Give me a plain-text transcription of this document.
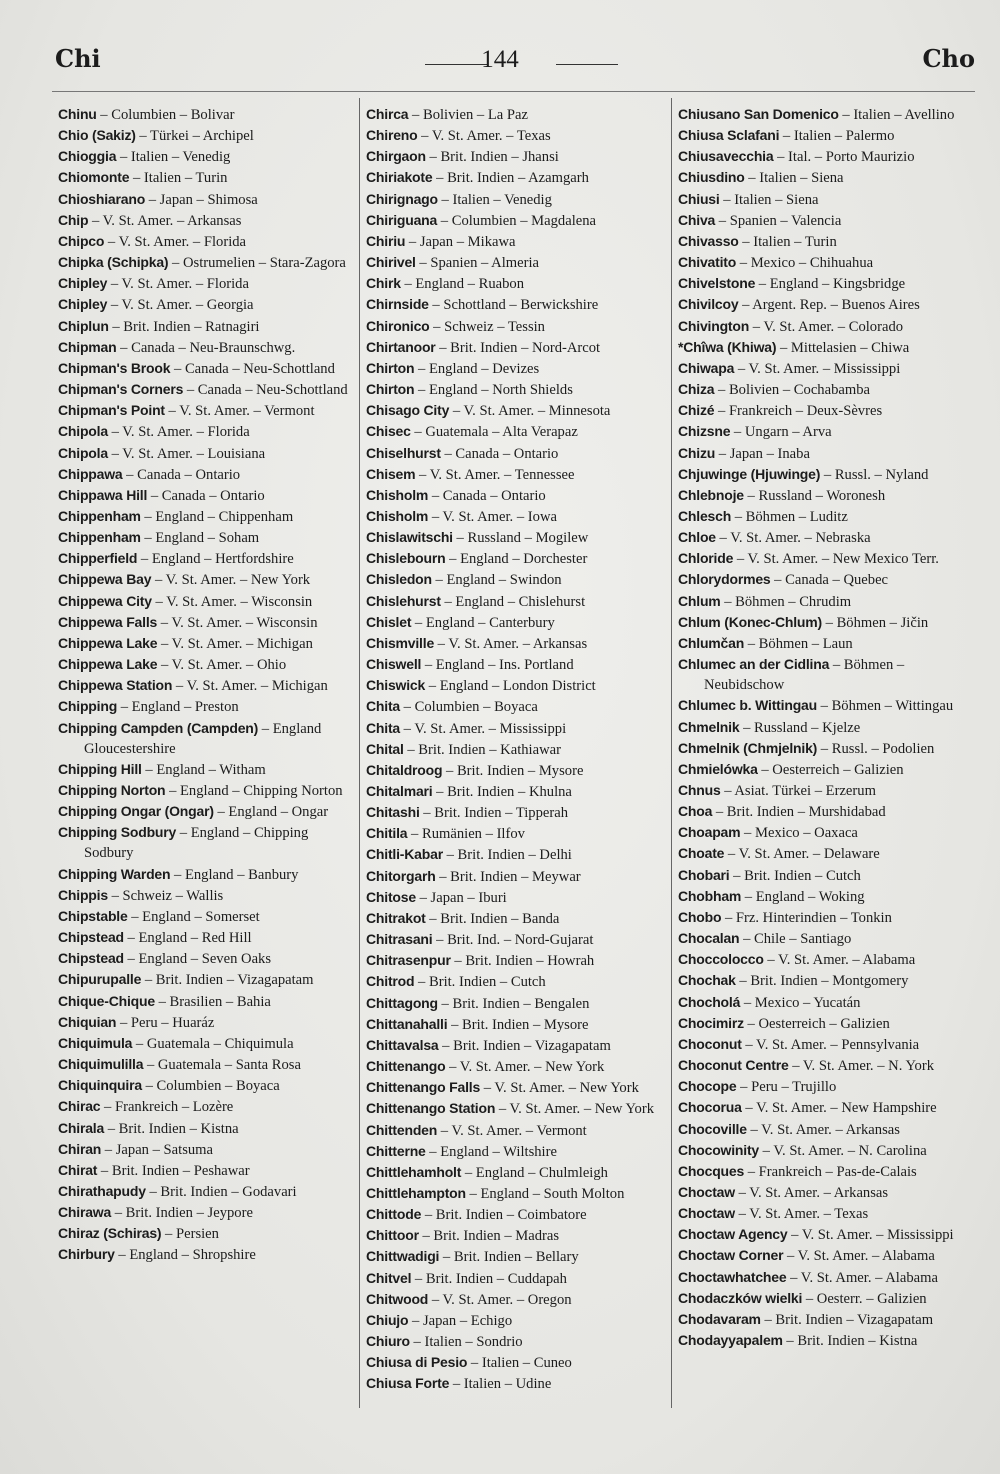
Chi	144	Cho
Chinu – Columbien – Bolivar
Chio (Sakiz) – Türkei – Archipel
Chioggia – Italien – Venedig
Chiomonte – Italien – Turin
Chioshiarano – Japan – Shimosa
Chip – V. St. Amer. – Arkansas
Chipco – V. St. Amer. – Florida
Chipka (Schipka) – Ostrumelien – Stara-Zagora
Chipley – V. St. Amer. – Florida
Chipley – V. St. Amer. – Georgia
Chiplun – Brit. Indien – Ratnagiri
Chipman – Canada – Neu-Braunschwg.
Chipman's Brook – Canada – Neu-Schottland
Chipman's Corners – Canada – Neu-Schottland
Chipman's Point – V. St. Amer. – Vermont
Chipola – V. St. Amer. – Florida
Chipola – V. St. Amer. – Louisiana
Chippawa – Canada – Ontario
Chippawa Hill – Canada – Ontario
Chippenham – England – Chippenham
Chippenham – England – Soham
Chipperfield – England – Hertfordshire
Chippewa Bay – V. St. Amer. – New York
Chippewa City – V. St. Amer. – Wisconsin
Chippewa Falls – V. St. Amer. – Wisconsin
Chippewa Lake – V. St. Amer. – Michigan
Chippewa Lake – V. St. Amer. – Ohio
Chippewa Station – V. St. Amer. – Michigan
Chipping – England – Preston
Chipping Campden (Campden) – England Gloucestershire
Chipping Hill – England – Witham
Chipping Norton – England – Chipping Norton
Chipping Ongar (Ongar) – England – Ongar
Chipping Sodbury – England – Chipping Sodbury
Chipping Warden – England – Banbury
Chippis – Schweiz – Wallis
Chipstable – England – Somerset
Chipstead – England – Red Hill
Chipstead – England – Seven Oaks
Chipurupalle – Brit. Indien – Vizagapatam
Chique-Chique – Brasilien – Bahia
Chiquian – Peru – Huaráz
Chiquimula – Guatemala – Chiquimula
Chiquimulilla – Guatemala – Santa Rosa
Chiquinquira – Columbien – Boyaca
Chirac – Frankreich – Lozère
Chirala – Brit. Indien – Kistna
Chiran – Japan – Satsuma
Chirat – Brit. Indien – Peshawar
Chirathapudy – Brit. Indien – Godavari
Chirawa – Brit. Indien – Jeypore
Chiraz (Schiras) – Persien
Chirbury – England – Shropshire
Chirca – Bolivien – La Paz
Chireno – V. St. Amer. – Texas
Chirgaon – Brit. Indien – Jhansi
Chiriakote – Brit. Indien – Azamgarh
Chirignago – Italien – Venedig
Chiriguana – Columbien – Magdalena
Chiriu – Japan – Mikawa
Chirivel – Spanien – Almeria
Chirk – England – Ruabon
Chirnside – Schottland – Berwickshire
Chironico – Schweiz – Tessin
Chirtanoor – Brit. Indien – Nord-Arcot
Chirton – England – Devizes
Chirton – England – North Shields
Chisago City – V. St. Amer. – Minnesota
Chisec – Guatemala – Alta Verapaz
Chiselhurst – Canada – Ontario
Chisem – V. St. Amer. – Tennessee
Chisholm – Canada – Ontario
Chisholm – V. St. Amer. – Iowa
Chislawitschi – Russland – Mogilew
Chislebourn – England – Dorchester
Chisledon – England – Swindon
Chislehurst – England – Chislehurst
Chislet – England – Canterbury
Chismville – V. St. Amer. – Arkansas
Chiswell – England – Ins. Portland
Chiswick – England – London District
Chita – Columbien – Boyaca
Chita – V. St. Amer. – Mississippi
Chital – Brit. Indien – Kathiawar
Chitaldroog – Brit. Indien – Mysore
Chitalmari – Brit. Indien – Khulna
Chitashi – Brit. Indien – Tipperah
Chitila – Rumänien – Ilfov
Chitli-Kabar – Brit. Indien – Delhi
Chitorgarh – Brit. Indien – Meywar
Chitose – Japan – Iburi
Chitrakot – Brit. Indien – Banda
Chitrasani – Brit. Ind. – Nord-Gujarat
Chitrasenpur – Brit. Indien – Howrah
Chitrod – Brit. Indien – Cutch
Chittagong – Brit. Indien – Bengalen
Chittanahalli – Brit. Indien – Mysore
Chittavalsa – Brit. Indien – Vizagapatam
Chittenango – V. St. Amer. – New York
Chittenango Falls – V. St. Amer. – New York
Chittenango Station – V. St. Amer. – New York
Chittenden – V. St. Amer. – Vermont
Chitterne – England – Wiltshire
Chittlehamholt – England – Chulmleigh
Chittlehampton – England – South Molton
Chittode – Brit. Indien – Coimbatore
Chittoor – Brit. Indien – Madras
Chittwadigi – Brit. Indien – Bellary
Chitvel – Brit. Indien – Cuddapah
Chitwood – V. St. Amer. – Oregon
Chiujo – Japan – Echigo
Chiuro – Italien – Sondrio
Chiusa di Pesio – Italien – Cuneo
Chiusa Forte – Italien – Udine
Chiusano San Domenico – Italien – Avellino
Chiusa Sclafani – Italien – Palermo
Chiusavecchia – Ital. – Porto Maurizio
Chiusdino – Italien – Siena
Chiusi – Italien – Siena
Chiva – Spanien – Valencia
Chivasso – Italien – Turin
Chivatito – Mexico – Chihuahua
Chivelstone – England – Kingsbridge
Chivilcoy – Argent. Rep. – Buenos Aires
Chivington – V. St. Amer. – Colorado
*Chîwa (Khiwa) – Mittelasien – Chiwa
Chiwapa – V. St. Amer. – Mississippi
Chiza – Bolivien – Cochabamba
Chizé – Frankreich – Deux-Sèvres
Chizsne – Ungarn – Arva
Chizu – Japan – Inaba
Chjuwinge (Hjuwinge) – Russl. – Nyland
Chlebnoje – Russland – Woronesh
Chlesch – Böhmen – Luditz
Chloe – V. St. Amer. – Nebraska
Chloride – V. St. Amer. – New Mexico Terr.
Chlorydormes – Canada – Quebec
Chlum – Böhmen – Chrudim
Chlum (Konec-Chlum) – Böhmen – Jičin
Chlumčan – Böhmen – Laun
Chlumec an der Cidlina – Böhmen – Neubidschow
Chlumec b. Wittingau – Böhmen – Wittingau
Chmelnik – Russland – Kjelze
Chmelnik (Chmjelnik) – Russl. – Podolien
Chmielówka – Oesterreich – Galizien
Chnus – Asiat. Türkei – Erzerum
Choa – Brit. Indien – Murshidabad
Choapam – Mexico – Oaxaca
Choate – V. St. Amer. – Delaware
Chobari – Brit. Indien – Cutch
Chobham – England – Woking
Chobo – Frz. Hinterindien – Tonkin
Chocalan – Chile – Santiago
Choccolocco – V. St. Amer. – Alabama
Chochak – Brit. Indien – Montgomery
Chocholá – Mexico – Yucatán
Chocimirz – Oesterreich – Galizien
Choconut – V. St. Amer. – Pennsylvania
Choconut Centre – V. St. Amer. – N. York
Chocope – Peru – Trujillo
Chocorua – V. St. Amer. – New Hampshire
Chocoville – V. St. Amer. – Arkansas
Chocowinity – V. St. Amer. – N. Carolina
Chocques – Frankreich – Pas-de-Calais
Choctaw – V. St. Amer. – Arkansas
Choctaw – V. St. Amer. – Texas
Choctaw Agency – V. St. Amer. – Mississippi
Choctaw Corner – V. St. Amer. – Alabama
Choctawhatchee – V. St. Amer. – Alabama
Chodaczków wielki – Oesterr. – Galizien
Chodavaram – Brit. Indien – Vizagapatam
Chodayyapalem – Brit. Indien – Kistna
